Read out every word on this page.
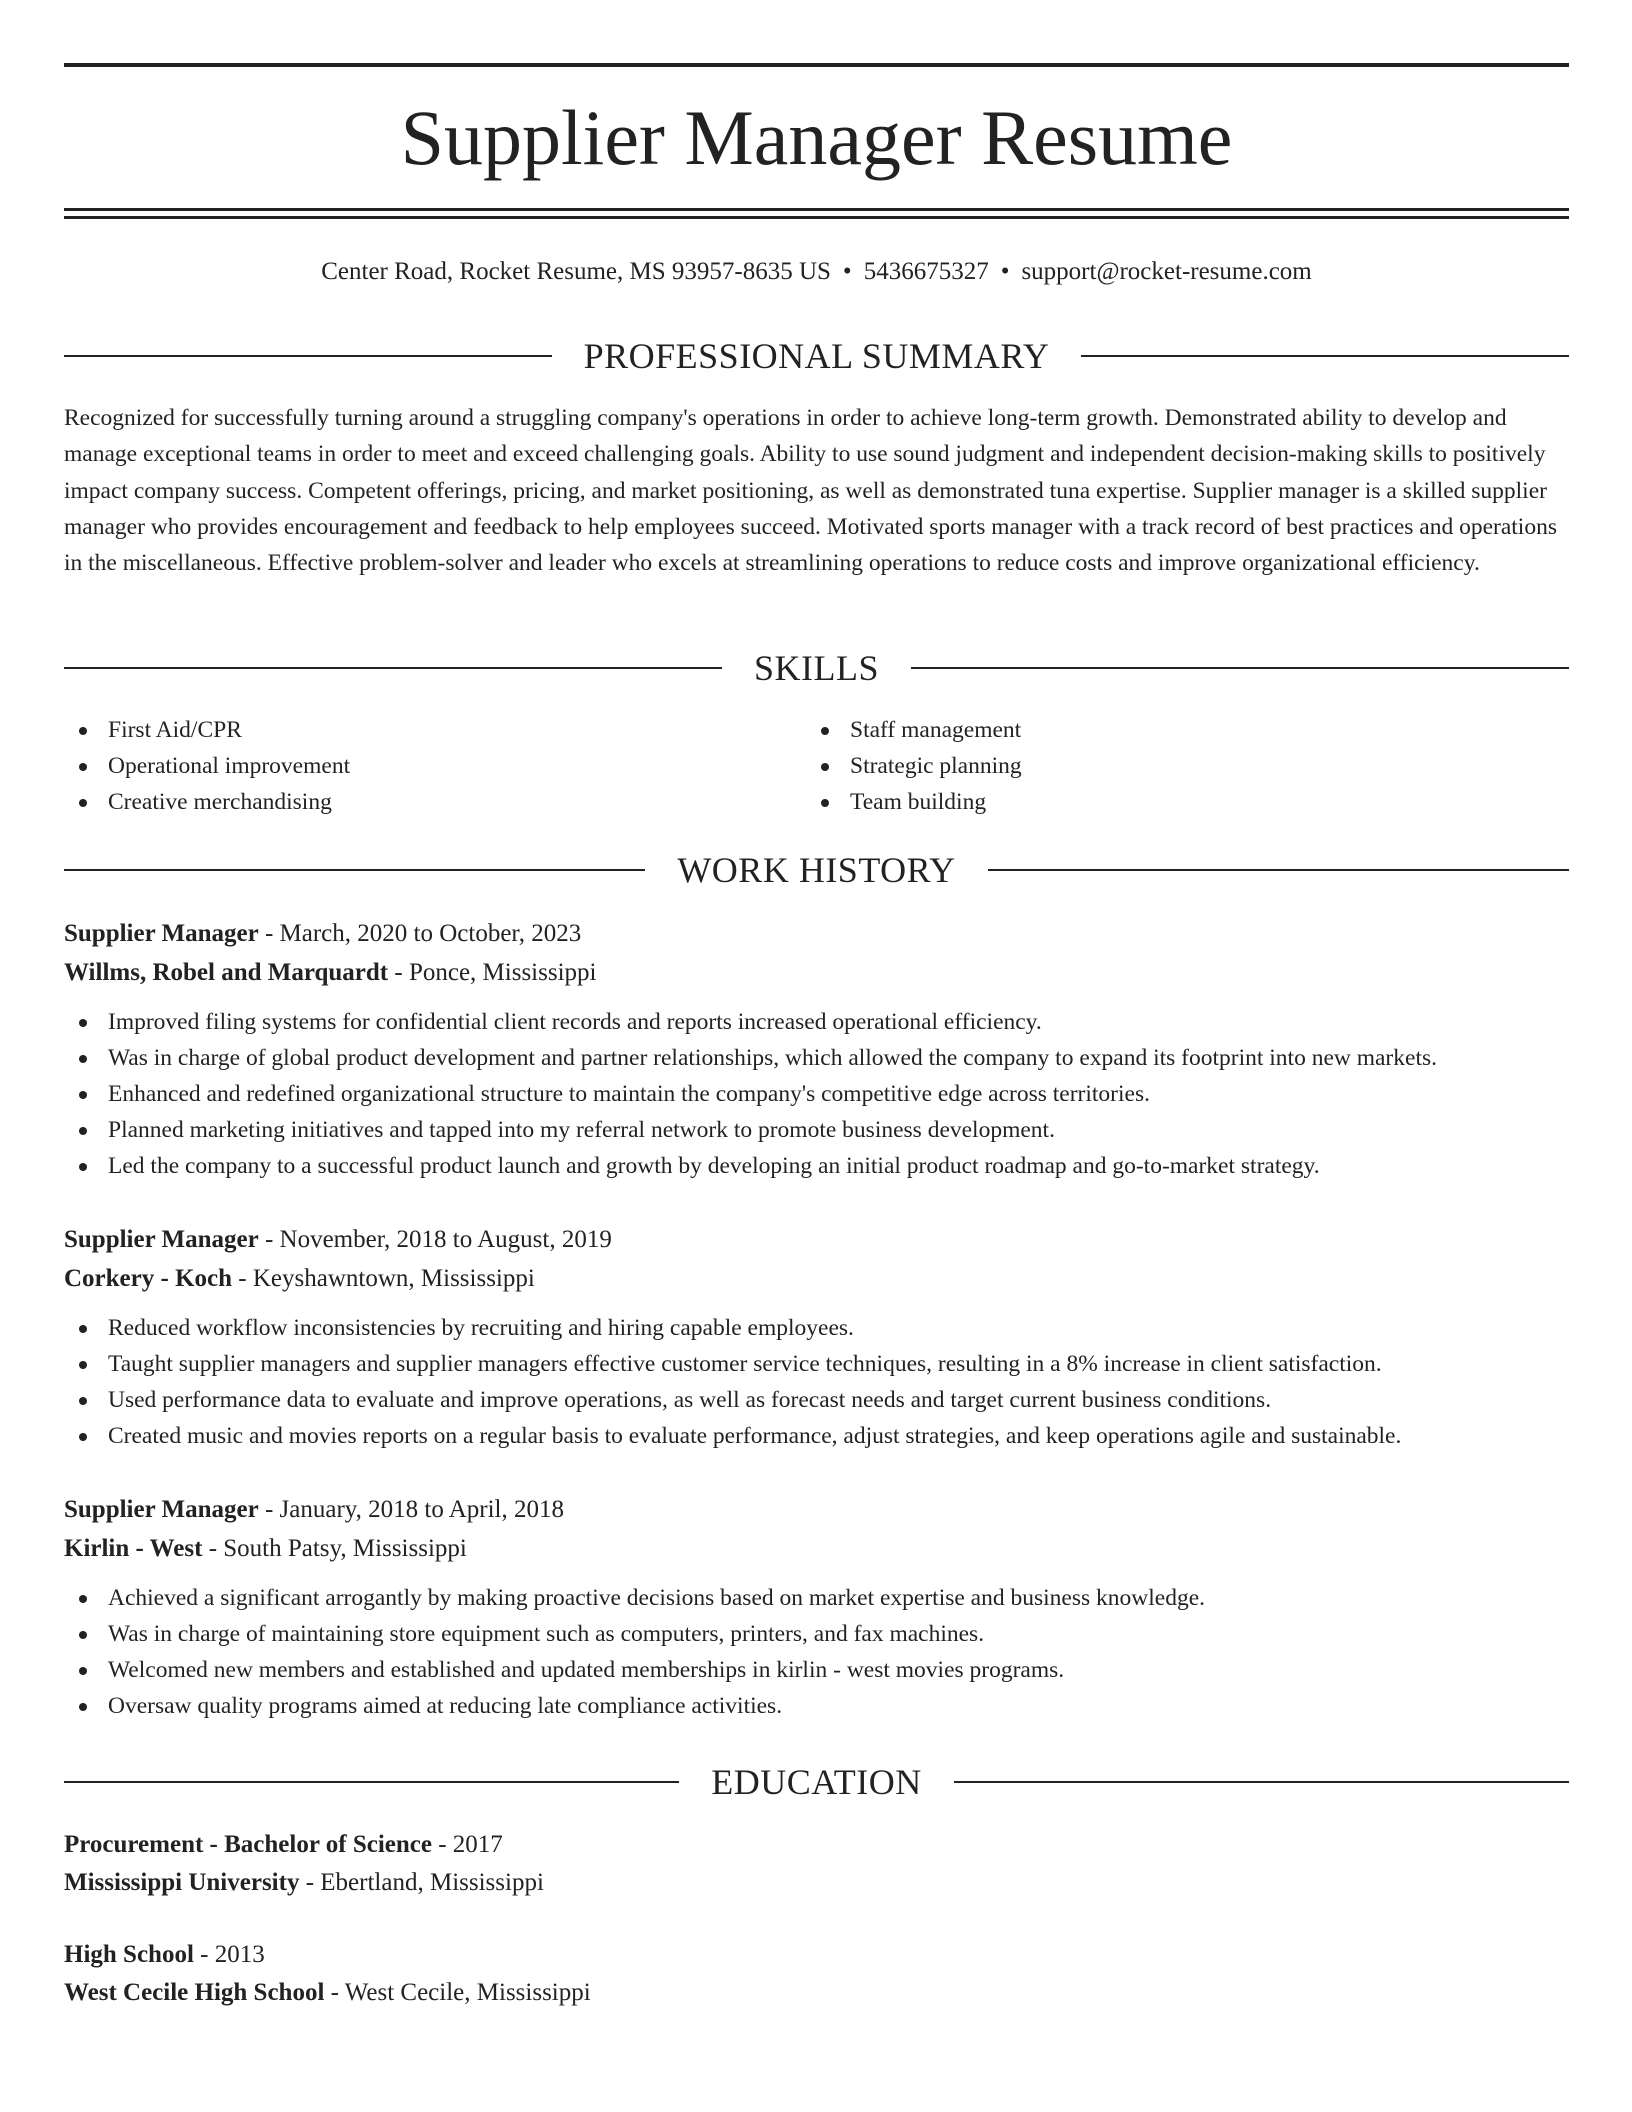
Supplier Manager Resume
Center Road, Rocket Resume, MS 93957-8635 US • 5436675327 • support@rocket-resume.com
PROFESSIONAL SUMMARY

Recognized for successfully turning around a struggling company's operations in order to achieve long-term growth. Demonstrated ability to develop and manage exceptional teams in order to meet and exceed challenging goals. Ability to use sound judgment and independent decision-making skills to positively impact company success. Competent offerings, pricing, and market positioning, as well as demonstrated tuna expertise. Supplier manager is a skilled supplier manager who provides encouragement and feedback to help employees succeed. Motivated sports manager with a track record of best practices and operations in the miscellaneous. Effective problem-solver and leader who excels at streamlining operations to reduce costs and improve organizational efficiency.

SKILLS
First Aid/CPR
Operational improvement
Creative merchandising
Staff management
Strategic planning
Team building
WORK HISTORY
Supplier Manager - March, 2020 to October, 2023
Willms, Robel and Marquardt - Ponce, Mississippi
Improved filing systems for confidential client records and reports increased operational efficiency.
Was in charge of global product development and partner relationships, which allowed the company to expand its footprint into new markets.
Enhanced and redefined organizational structure to maintain the company's competitive edge across territories.
Planned marketing initiatives and tapped into my referral network to promote business development.
Led the company to a successful product launch and growth by developing an initial product roadmap and go-to-market strategy.
Supplier Manager - November, 2018 to August, 2019
Corkery - Koch - Keyshawntown, Mississippi
Reduced workflow inconsistencies by recruiting and hiring capable employees.
Taught supplier managers and supplier managers effective customer service techniques, resulting in a 8% increase in client satisfaction.
Used performance data to evaluate and improve operations, as well as forecast needs and target current business conditions.
Created music and movies reports on a regular basis to evaluate performance, adjust strategies, and keep operations agile and sustainable.
Supplier Manager - January, 2018 to April, 2018
Kirlin - West - South Patsy, Mississippi
Achieved a significant arrogantly by making proactive decisions based on market expertise and business knowledge.
Was in charge of maintaining store equipment such as computers, printers, and fax machines.
Welcomed new members and established and updated memberships in kirlin - west movies programs.
Oversaw quality programs aimed at reducing late compliance activities.
EDUCATION
Procurement - Bachelor of Science - 2017
Mississippi University - Ebertland, Mississippi
High School - 2013
West Cecile High School - West Cecile, Mississippi
